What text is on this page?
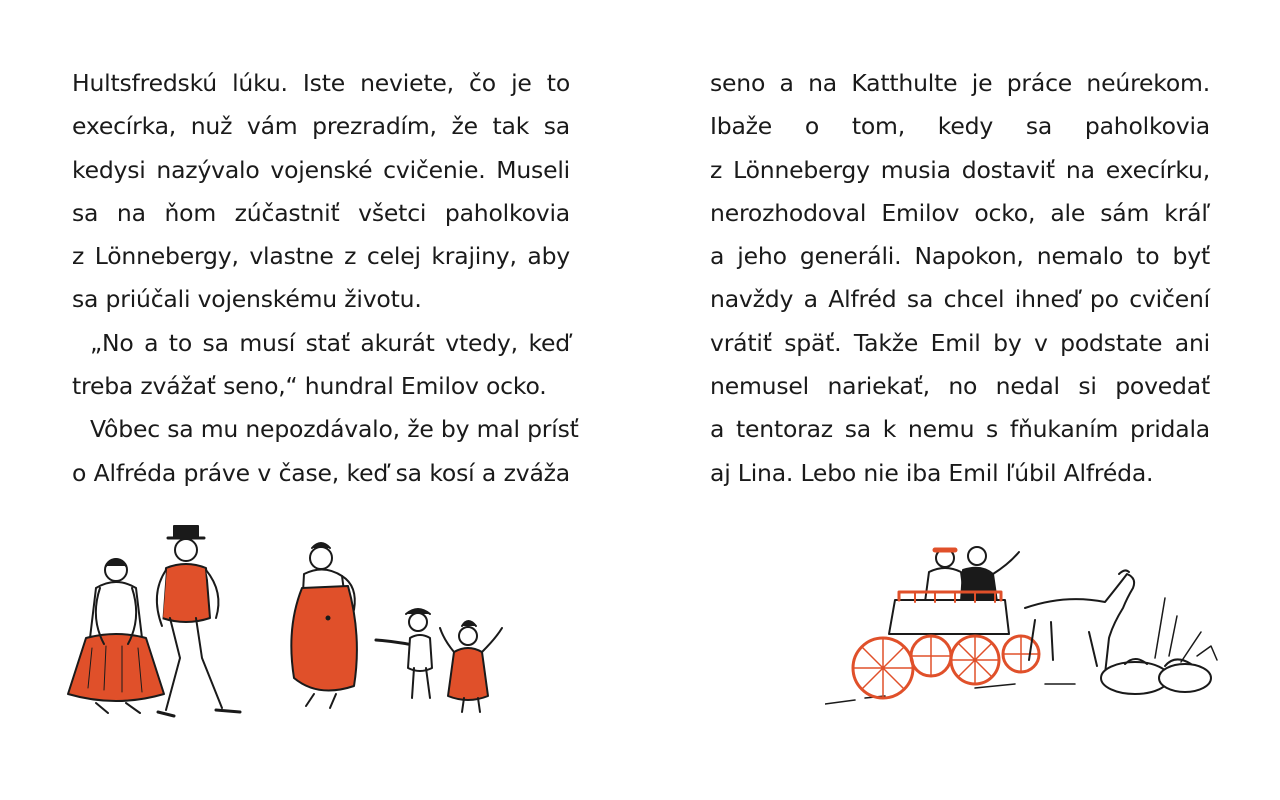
Hultsfredskú lúku. Iste neviete, čo je to
execírka, nuž vám prezradím, že tak sa
kedysi nazývalo vojenské cvičenie. Museli
sa na ňom zúčastniť všetci paholkovia
z Lönnebergy, vlastne z celej krajiny, aby
sa priúčali vojenskému životu.
„No a to sa musí stať akurát vtedy, keď
treba zvážať seno,“ hundral Emilov ocko.
Vôbec sa mu nepozdávalo, že by mal prísť
o Alfréda práve v čase, keď sa kosí a zváža
seno a na Katthulte je práce neúrekom.
Ibaže o tom, kedy sa paholkovia
z Lönnebergy musia dostaviť na execírku,
nerozhodoval Emilov ocko, ale sám kráľ
a jeho generáli. Napokon, nemalo to byť
navždy a Alfréd sa chcel ihneď po cvičení
vrátiť späť. Takže Emil by v podstate ani
nemusel nariekať, no nedal si povedať
a tentoraz sa k nemu s fňukaním pridala
aj Lina. Lebo nie iba Emil ľúbil Alfréda.
